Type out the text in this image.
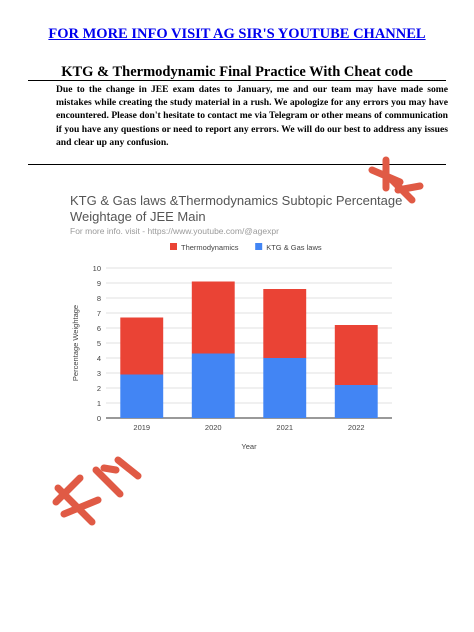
FOR MORE INFO VISIT AG SIR'S YOUTUBE CHANNEL
KTG & Thermodynamic Final Practice With Cheat code

Due to the change in JEE exam dates to January, me and our team may have made some mistakes while creating the study material in a rush. We apologize for any errors you may have encountered. Please don't hesitate to contact me via Telegram or other means of communication if you have any questions or need to report any errors. We will do our best to address any issues and clear up any confusion.

KTG & Gas laws &Thermodynamics Subtopic Percentage
Weightage of JEE Main
For more info. visit - https://www.youtube.com/@agexpr
0
1
2
3
4
5
6
7
8
9
10
2019	2020	2021	2022
Year
Percentage Weightage
Thermodynamics	KTG & Gas laws
